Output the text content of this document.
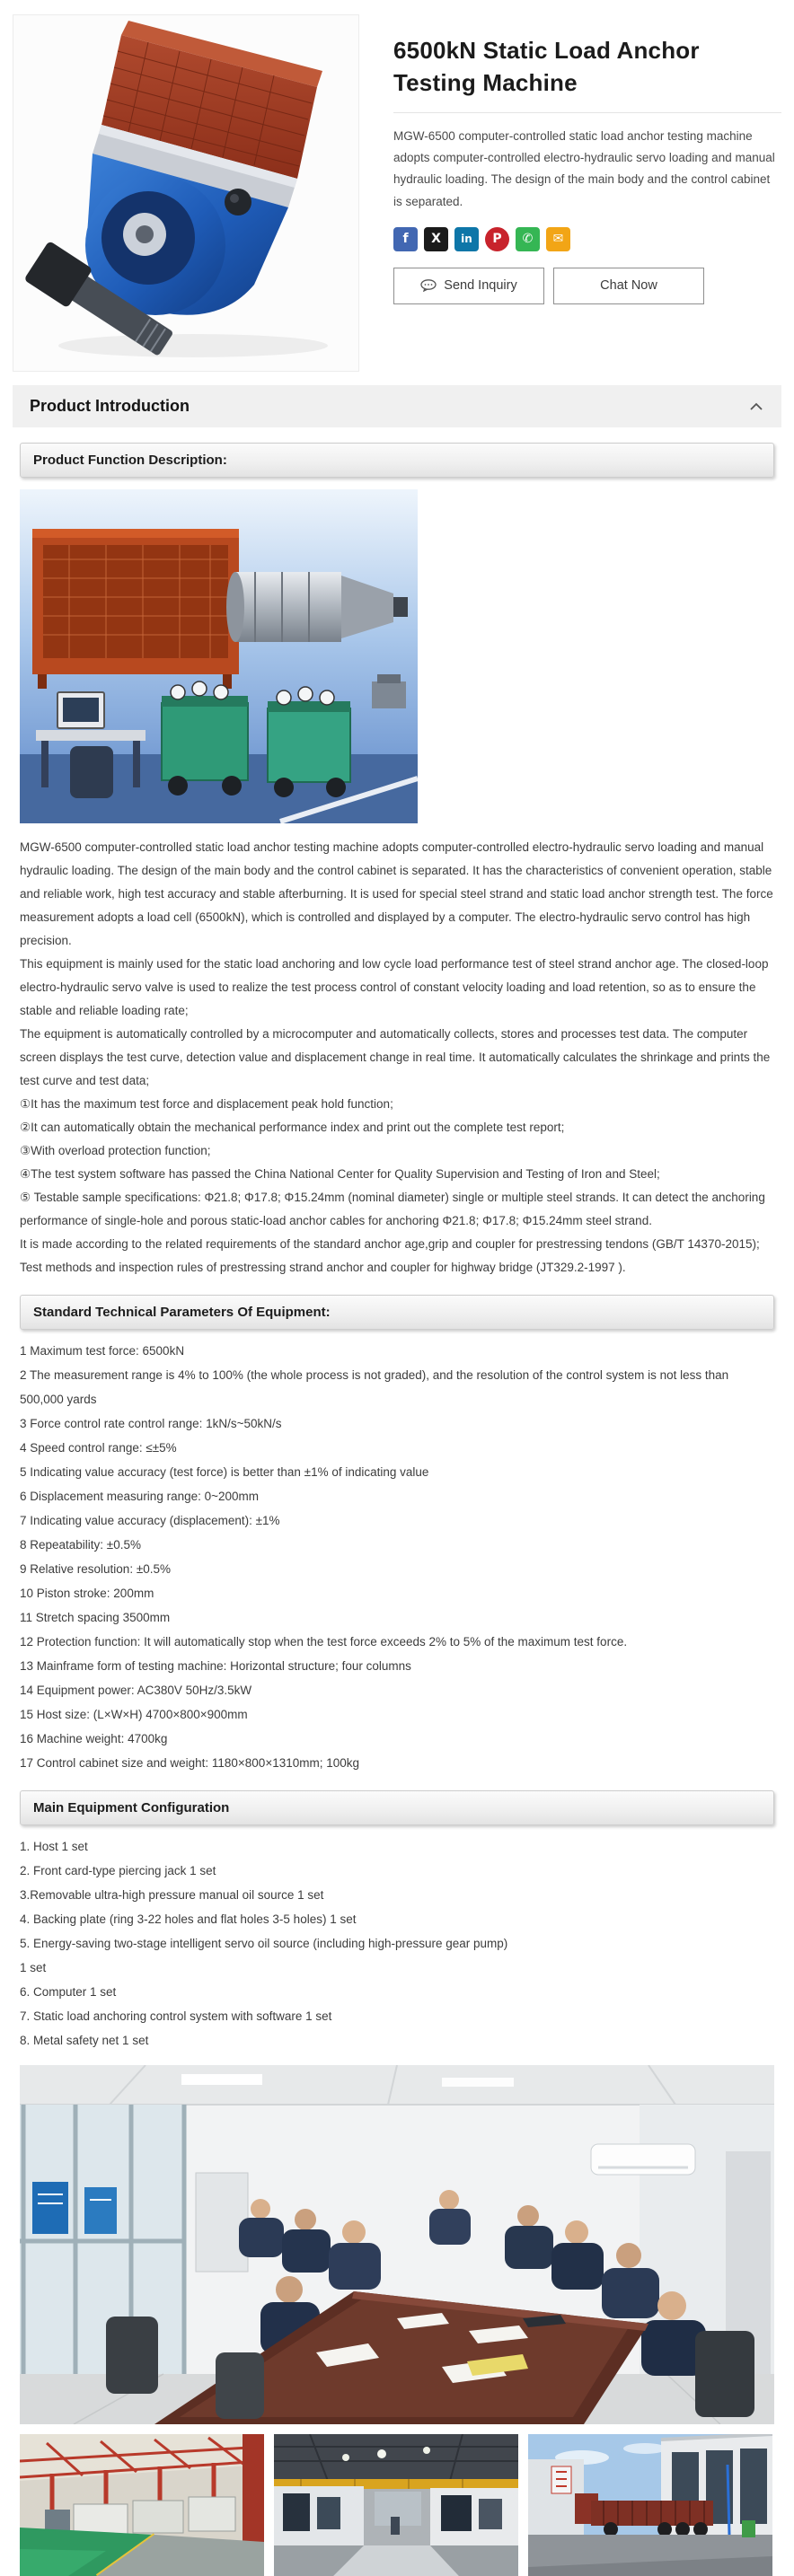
6500kN Static Load Anchor Testing Machine

MGW-6500 computer-controlled static load anchor testing machine adopts computer-controlled electro-hydraulic servo loading and manual hydraulic loading. The design of the main body and the control cabinet is separated.

f	X	in	P	✆	✉
Send Inquiry	Chat Now
Product Introduction
Product Function Description:

MGW-6500 computer-controlled static load anchor testing machine adopts computer-controlled electro-hydraulic servo loading and manual hydraulic loading. The design of the main body and the control cabinet is separated. It has the characteristics of convenient operation, stable and reliable work, high test accuracy and stable afterburning. It is used for special steel strand and static load anchor strength test. The force measurement adopts a load cell (6500kN), which is controlled and displayed by a computer. The electro-hydraulic servo control has high precision.

This equipment is mainly used for the static load anchoring and low cycle load performance test of steel strand anchor age. The closed-loop electro-hydraulic servo valve is used to realize the test process control of constant velocity loading and load retention, so as to ensure the stable and reliable loading rate;

The equipment is automatically controlled by a microcomputer and automatically collects, stores and processes test data. The computer screen displays the test curve, detection value and displacement change in real time. It automatically calculates the shrinkage and prints the test curve and test data;

①It has the maximum test force and displacement peak hold function;

②It can automatically obtain the mechanical performance index and print out the complete test report;

③With overload protection function;

④The test system software has passed the China National Center for Quality Supervision and Testing of Iron and Steel;

⑤ Testable sample specifications: Φ21.8; Φ17.8; Φ15.24mm (nominal diameter) single or multiple steel strands. It can detect the anchoring performance of single-hole and porous static-load anchor cables for anchoring Φ21.8; Φ17.8; Φ15.24mm steel strand.

It is made according to the related requirements of the standard anchor age,grip and coupler for prestressing tendons (GB/T 14370-2015); Test methods and inspection rules of prestressing strand anchor and coupler for highway bridge (JT329.2-1997 ).

Standard Technical Parameters Of Equipment:
1 Maximum test force: 6500kN
2 The measurement range is 4% to 100% (the whole process is not graded), and the resolution of the control system is not less than 500,000 yards
3 Force control rate control range: 1kN/s~50kN/s
4 Speed control range: ≤±5%
5 Indicating value accuracy (test force) is better than ±1% of indicating value
6 Displacement measuring range: 0~200mm
7 Indicating value accuracy (displacement): ±1%
8 Repeatability: ±0.5%
9 Relative resolution: ±0.5%
10 Piston stroke: 200mm
11 Stretch spacing 3500mm
12 Protection function: It will automatically stop when the test force exceeds 2% to 5% of the maximum test force.
13 Mainframe form of testing machine: Horizontal structure; four columns
14 Equipment power: AC380V 50Hz/3.5kW
15 Host size: (L×W×H) 4700×800×900mm
16 Machine weight: 4700kg
17 Control cabinet size and weight: 1180×800×1310mm; 100kg
Main Equipment Configuration
1. Host 1 set
2. Front card-type piercing jack 1 set
3.Removable ultra-high pressure manual oil source 1 set
4. Backing plate (ring 3-22 holes and flat holes 3-5 holes) 1 set
5. Energy-saving two-stage intelligent servo oil source (including high-pressure gear pump)
1 set
6. Computer 1 set
7. Static load anchoring control system with software 1 set
8. Metal safety net 1 set
